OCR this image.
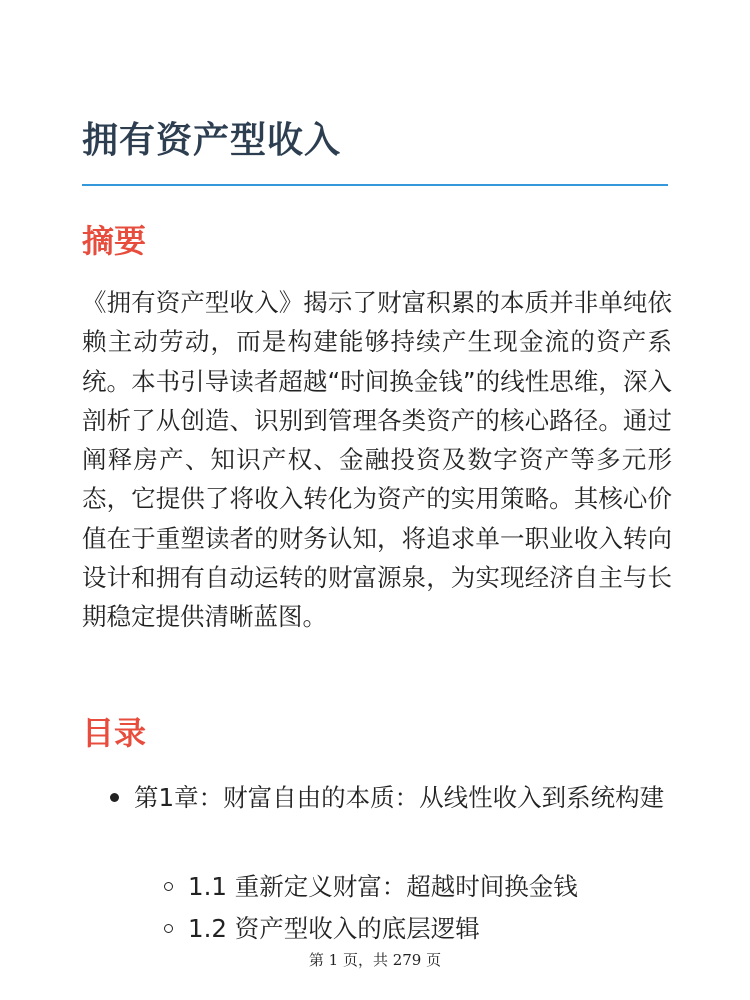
拥有资产型收入
摘要

《拥有资产型收入》揭示了财富积累的本质并非单纯依赖主动劳动，而是构建能够持续产生现金流的资产系统。本书引导读者超越“时间换金钱”的线性思维，深入剖析了从创造、识别到管理各类资产的核心路径。通过阐释房产、知识产权、金融投资及数字资产等多元形态，它提供了将收入转化为资产的实用策略。其核心价值在于重塑读者的财务认知，将追求单一职业收入转向设计和拥有自动运转的财富源泉，为实现经济自主与长期稳定提供清晰蓝图。

目录
第1章：财富自由的本质：从线性收入到系统构建
1.1 重新定义财富：超越时间换金钱
1.2 资产型收入的底层逻辑
第 1 页，共 279 页
